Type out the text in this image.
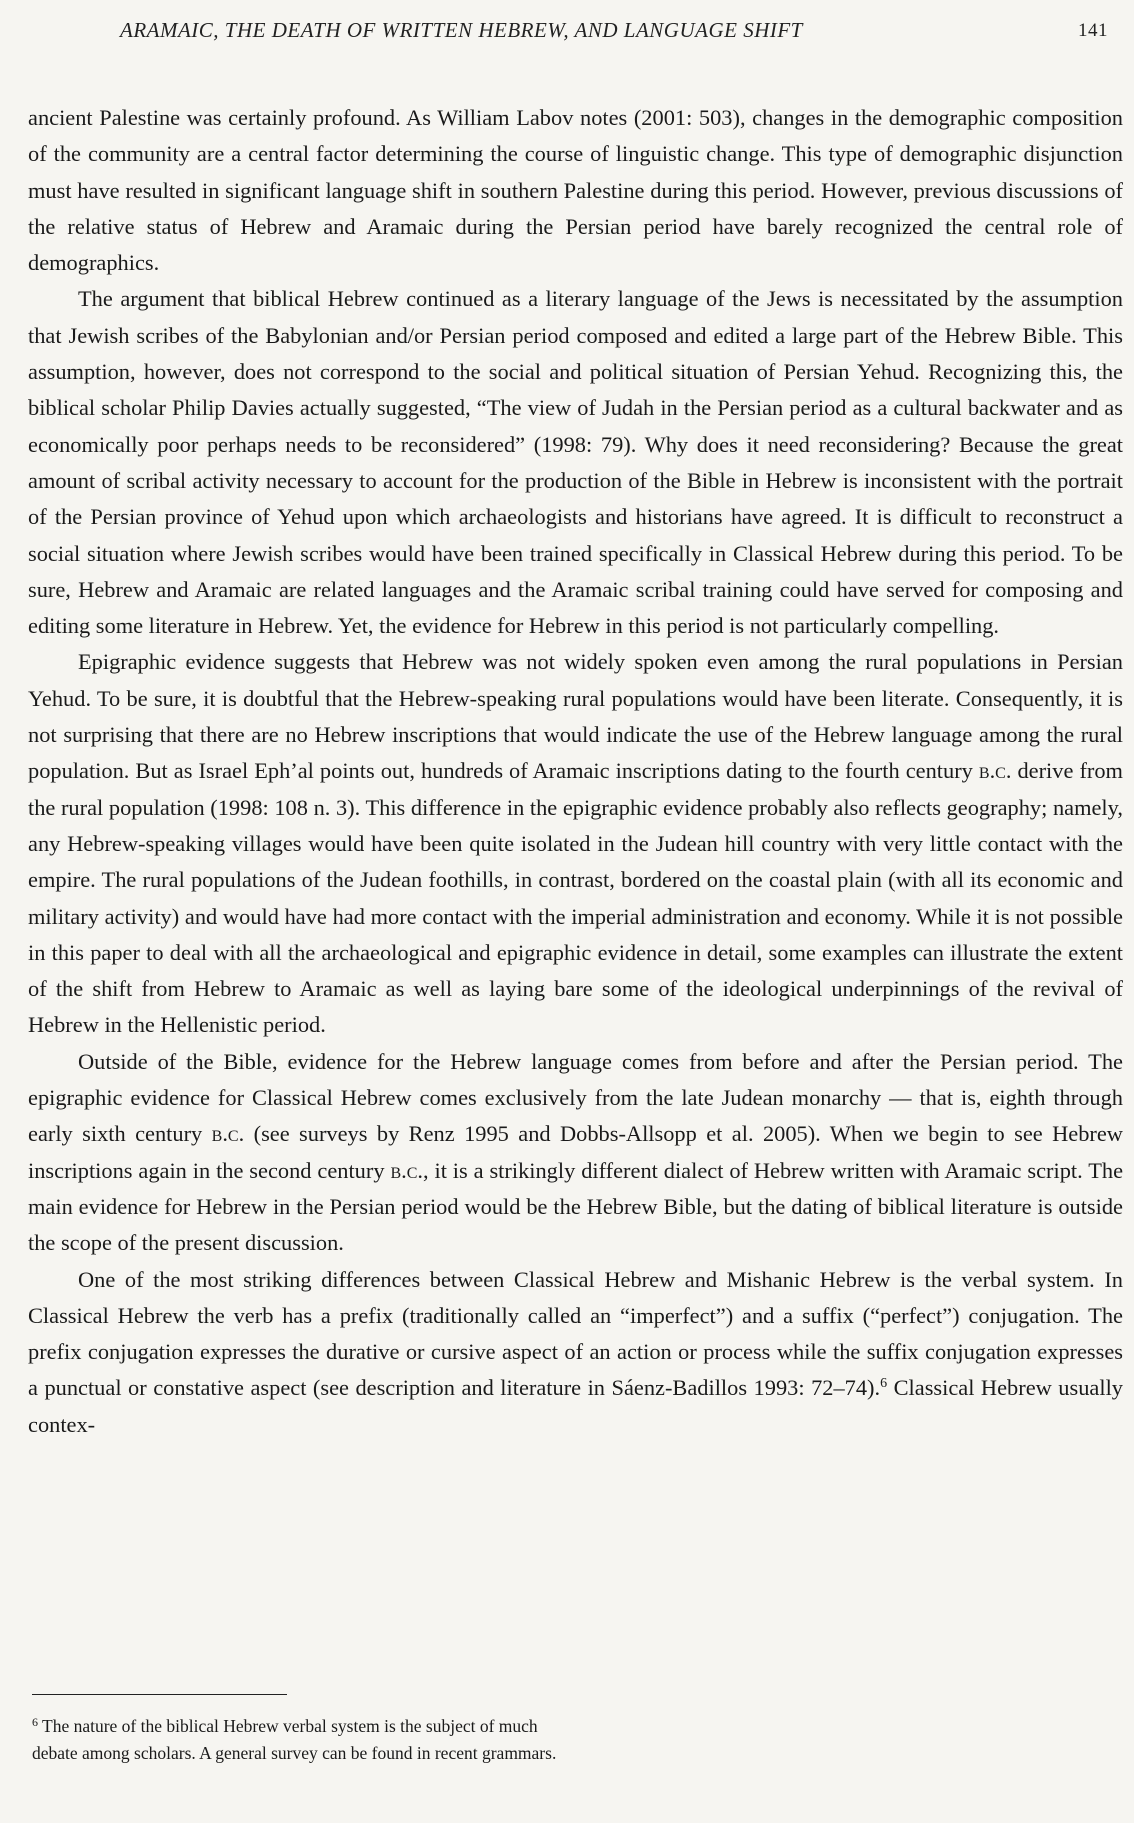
ARAMAIC, THE DEATH OF WRITTEN HEBREW, AND LANGUAGE SHIFT	141

ancient Palestine was certainly profound. As William Labov notes (2001: 503), changes in the demographic composition of the community are a central factor determining the course of linguistic change. This type of demographic disjunction must have resulted in significant language shift in southern Palestine during this period. However, previous discussions of the relative status of Hebrew and Aramaic during the Persian period have barely recognized the central role of demographics.

The argument that biblical Hebrew continued as a literary language of the Jews is necessitated by the assumption that Jewish scribes of the Babylonian and/or Persian period composed and edited a large part of the Hebrew Bible. This assumption, however, does not correspond to the social and political situation of Persian Yehud. Recognizing this, the biblical scholar Philip Davies actually suggested, “The view of Judah in the Persian period as a cultural backwater and as economically poor perhaps needs to be reconsidered” (1998: 79). Why does it need reconsidering? Because the great amount of scribal activity necessary to account for the production of the Bible in Hebrew is inconsistent with the portrait of the Persian province of Yehud upon which archaeologists and historians have agreed. It is difficult to reconstruct a social situation where Jewish scribes would have been trained specifically in Classical Hebrew during this period. To be sure, Hebrew and Aramaic are related languages and the Aramaic scribal training could have served for composing and editing some literature in Hebrew. Yet, the evidence for Hebrew in this period is not particularly compelling.

Epigraphic evidence suggests that Hebrew was not widely spoken even among the rural populations in Persian Yehud. To be sure, it is doubtful that the Hebrew-speaking rural populations would have been literate. Consequently, it is not surprising that there are no Hebrew inscriptions that would indicate the use of the Hebrew language among the rural population. But as Israel Eph’al points out, hundreds of Aramaic inscriptions dating to the fourth century b.c. derive from the rural population (1998: 108 n. 3). This difference in the epigraphic evidence probably also reflects geography; namely, any Hebrew-speaking villages would have been quite isolated in the Judean hill country with very little contact with the empire. The rural populations of the Judean foothills, in contrast, bordered on the coastal plain (with all its economic and military activity) and would have had more contact with the imperial administration and economy. While it is not possible in this paper to deal with all the archaeological and epigraphic evidence in detail, some examples can illustrate the extent of the shift from Hebrew to Aramaic as well as laying bare some of the ideological underpinnings of the revival of Hebrew in the Hellenistic period.

Outside of the Bible, evidence for the Hebrew language comes from before and after the Persian period. The epigraphic evidence for Classical Hebrew comes exclusively from the late Judean monarchy — that is, eighth through early sixth century b.c. (see surveys by Renz 1995 and Dobbs-Allsopp et al. 2005). When we begin to see Hebrew inscriptions again in the second century b.c., it is a strikingly different dialect of Hebrew written with Aramaic script. The main evidence for Hebrew in the Persian period would be the Hebrew Bible, but the dating of biblical literature is outside the scope of the present discussion.

One of the most striking differences between Classical Hebrew and Mishanic Hebrew is the verbal system. In Classical Hebrew the verb has a prefix (traditionally called an “imperfect”) and a suffix (“perfect”) conjugation. The prefix conjugation expresses the durative or cursive aspect of an action or process while the suffix conjugation expresses a punctual or constative aspect (see description and literature in Sáenz-Badillos 1993: 72–74).$^6$ Classical Hebrew usually contex-

$^6$ The nature of the biblical Hebrew verbal system is the subject of much debate among scholars. A general survey can be found in recent grammars.
